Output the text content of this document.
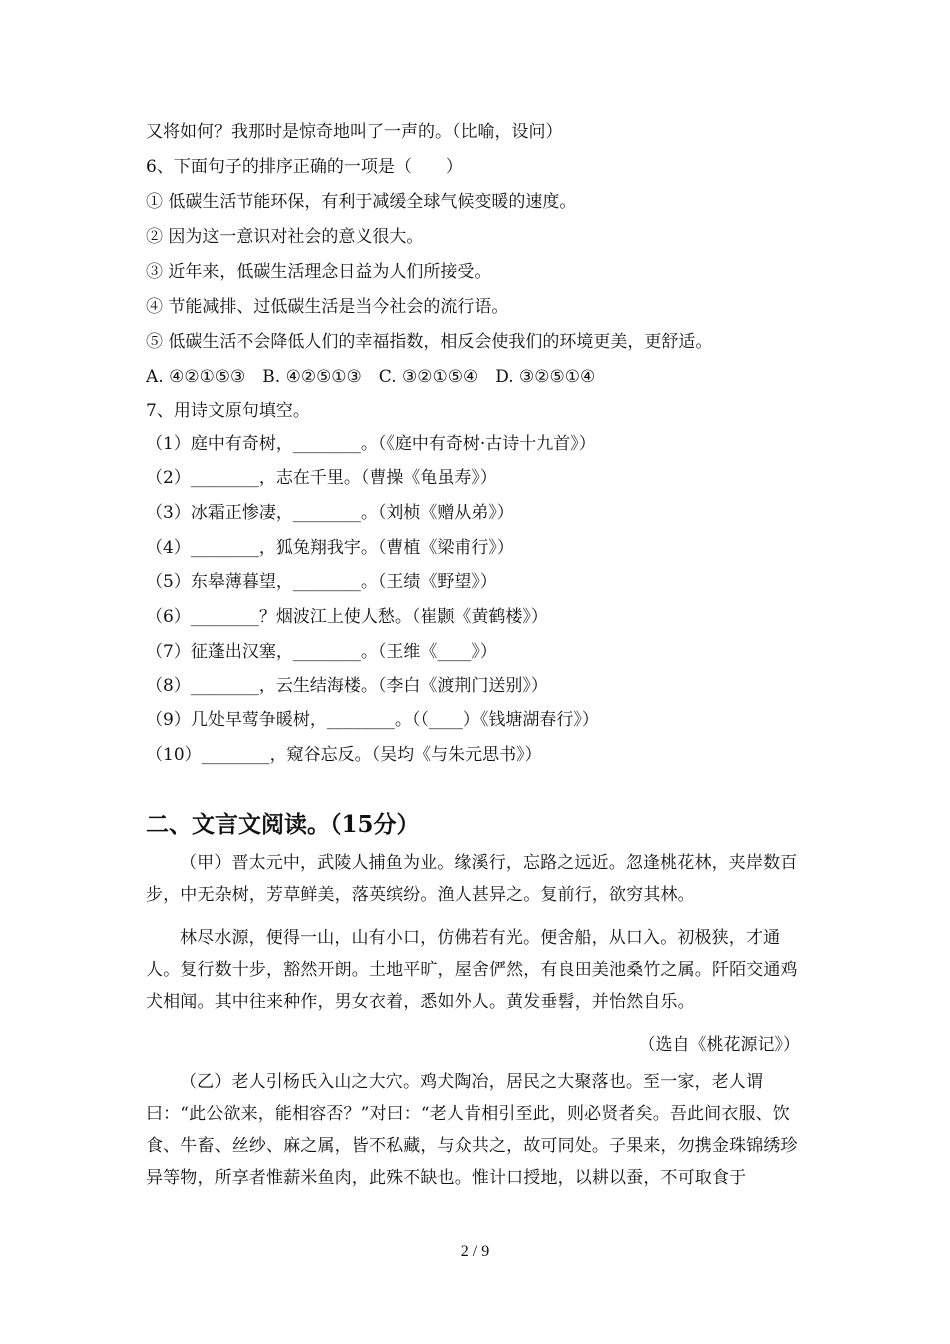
又将如何？我那时是惊奇地叫了一声的。（比喻，设问）
6、下面句子的排序正确的一项是（　　）
① 低碳生活节能环保，有利于减缓全球气候变暖的速度。
② 因为这一意识对社会的意义很大。
③ 近年来，低碳生活理念日益为人们所接受。
④ 节能减排、过低碳生活是当今社会的流行语。
⑤ 低碳生活不会降低人们的幸福指数，相反会使我们的环境更美，更舒适。
A. ④②①⑤③　B. ④②⑤①③　C. ③②①⑤④　D. ③②⑤①④
7、用诗文原句填空。
（1）庭中有奇树，________。（《庭中有奇树·古诗十九首》）
（2）________，志在千里。（曹操《龟虽寿》）
（3）冰霜正惨凄，________。（刘桢《赠从弟》）
（4）________，狐兔翔我宇。（曹植《梁甫行》）
（5）东皋薄暮望，________。（王绩《野望》）
（6）________？烟波江上使人愁。（崔颢《黄鹤楼》）
（7）征蓬出汉塞，________。（王维《____》）
（8）________，云生结海楼。（李白《渡荆门送别》）
（9）几处早莺争暖树，________。（（____）《钱塘湖春行》）
（10）________，窥谷忘反。（吴均《与朱元思书》）
二、文言文阅读。（15分）
（甲）晋太元中，武陵人捕鱼为业。缘溪行，忘路之远近。忽逢桃花林，夹岸数百步，中无杂树，芳草鲜美，落英缤纷。渔人甚异之。复前行，欲穷其林。
林尽水源，便得一山，山有小口，仿佛若有光。便舍船，从口入。初极狭，才通人。复行数十步，豁然开朗。土地平旷，屋舍俨然，有良田美池桑竹之属。阡陌交通鸡犬相闻。其中往来种作，男女衣着，悉如外人。黄发垂髫，并怡然自乐。
（选自《桃花源记》）
（乙）老人引杨氏入山之大穴。鸡犬陶冶，居民之大聚落也。至一家，老人谓曰：“此公欲来，能相容否？”对曰：“老人肯相引至此，则必贤者矣。吾此间衣服、饮食、牛畜、丝纱、麻之属，皆不私藏，与众共之，故可同处。子果来，勿携金珠锦绣珍异等物，所享者惟薪米鱼肉，此殊不缺也。惟计口授地，以耕以蚕，不可取食于
2 / 9
